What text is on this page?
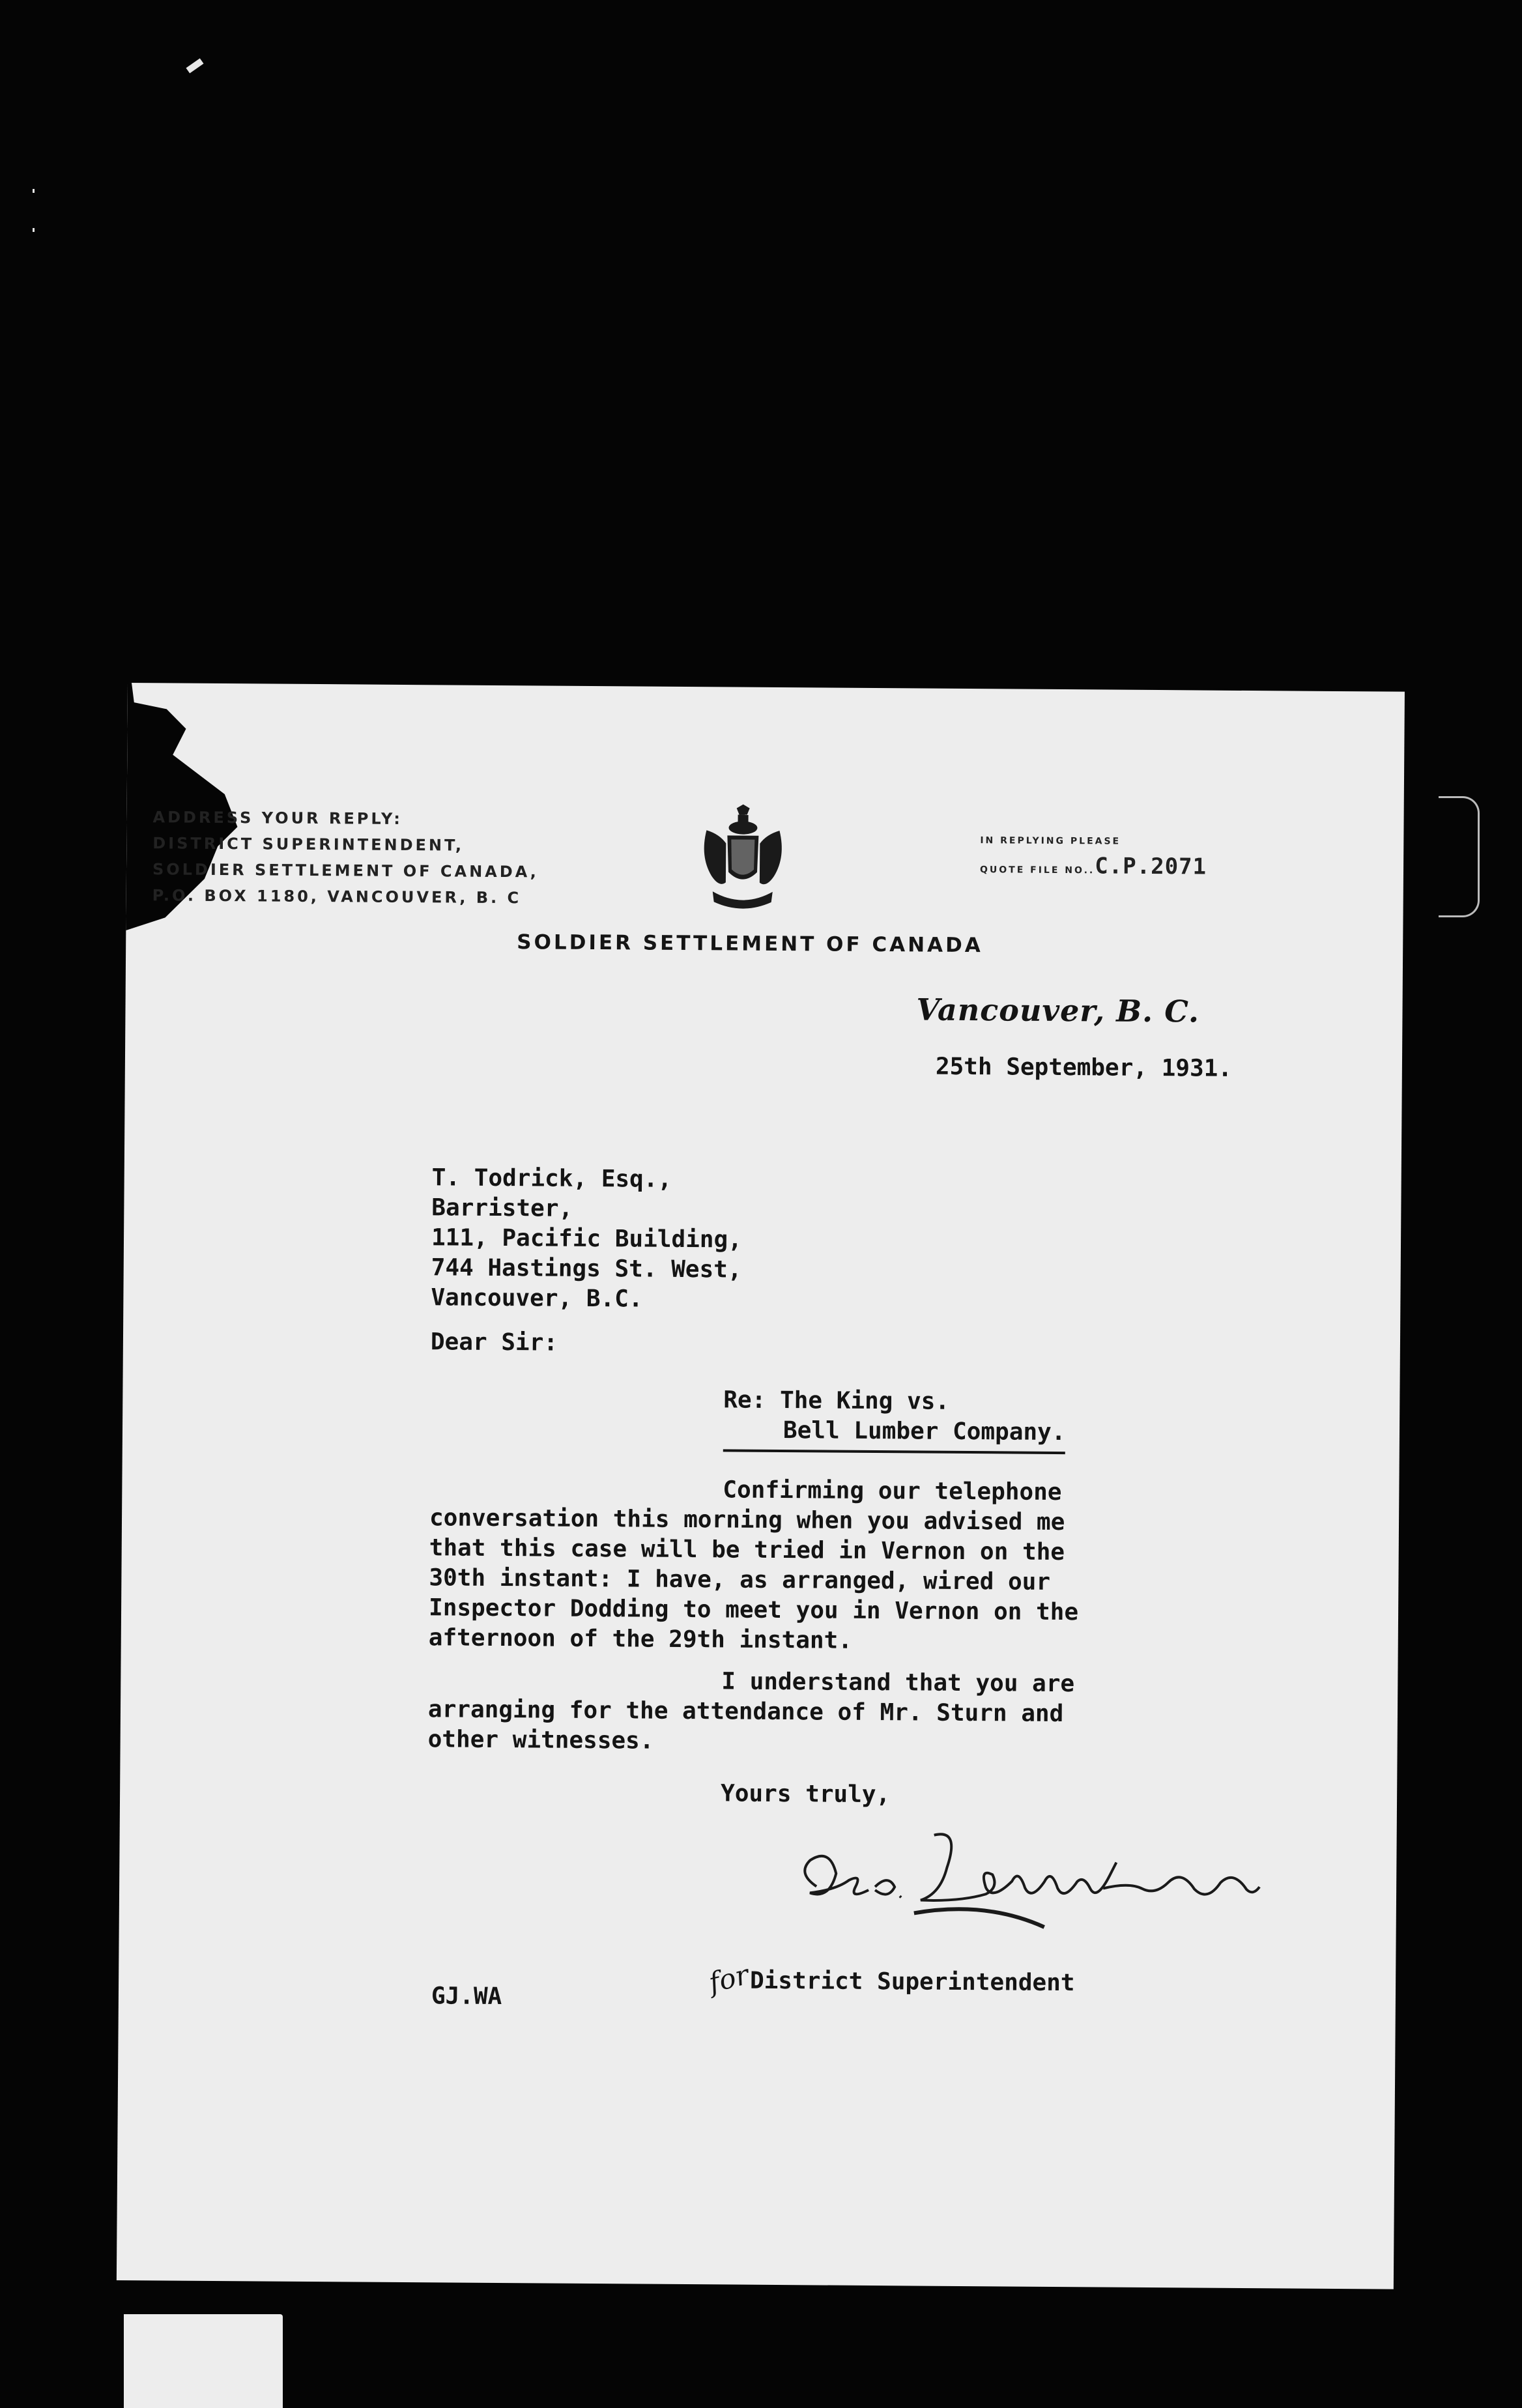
ADDRESS YOUR REPLY:
DISTRICT SUPERINTENDENT,
SOLDIER SETTLEMENT OF CANADA,
P.O. BOX 1180, VANCOUVER, B. C
IN REPLYING PLEASE
QUOTE FILE NO..C.P.2071
SOLDIER SETTLEMENT OF CANADA
Vancouver, B. C.
25th September, 1931.
T. Todrick, Esq.,
Barrister,
111, Pacific Building,
744 Hastings St. West,
Vancouver, B.C.
Dear Sir:
Re: The King vs.
Bell Lumber Company.
Confirming our telephone
conversation this morning when you advised me
that this case will be tried in Vernon on the
30th instant: I have, as arranged, wired our
Inspector Dodding to meet you in Vernon on the
afternoon of the 29th instant.
I understand that you are
arranging for the attendance of Mr. Sturn and
other witnesses.
Yours truly,
GJ.WA	forDistrict Superintendent
